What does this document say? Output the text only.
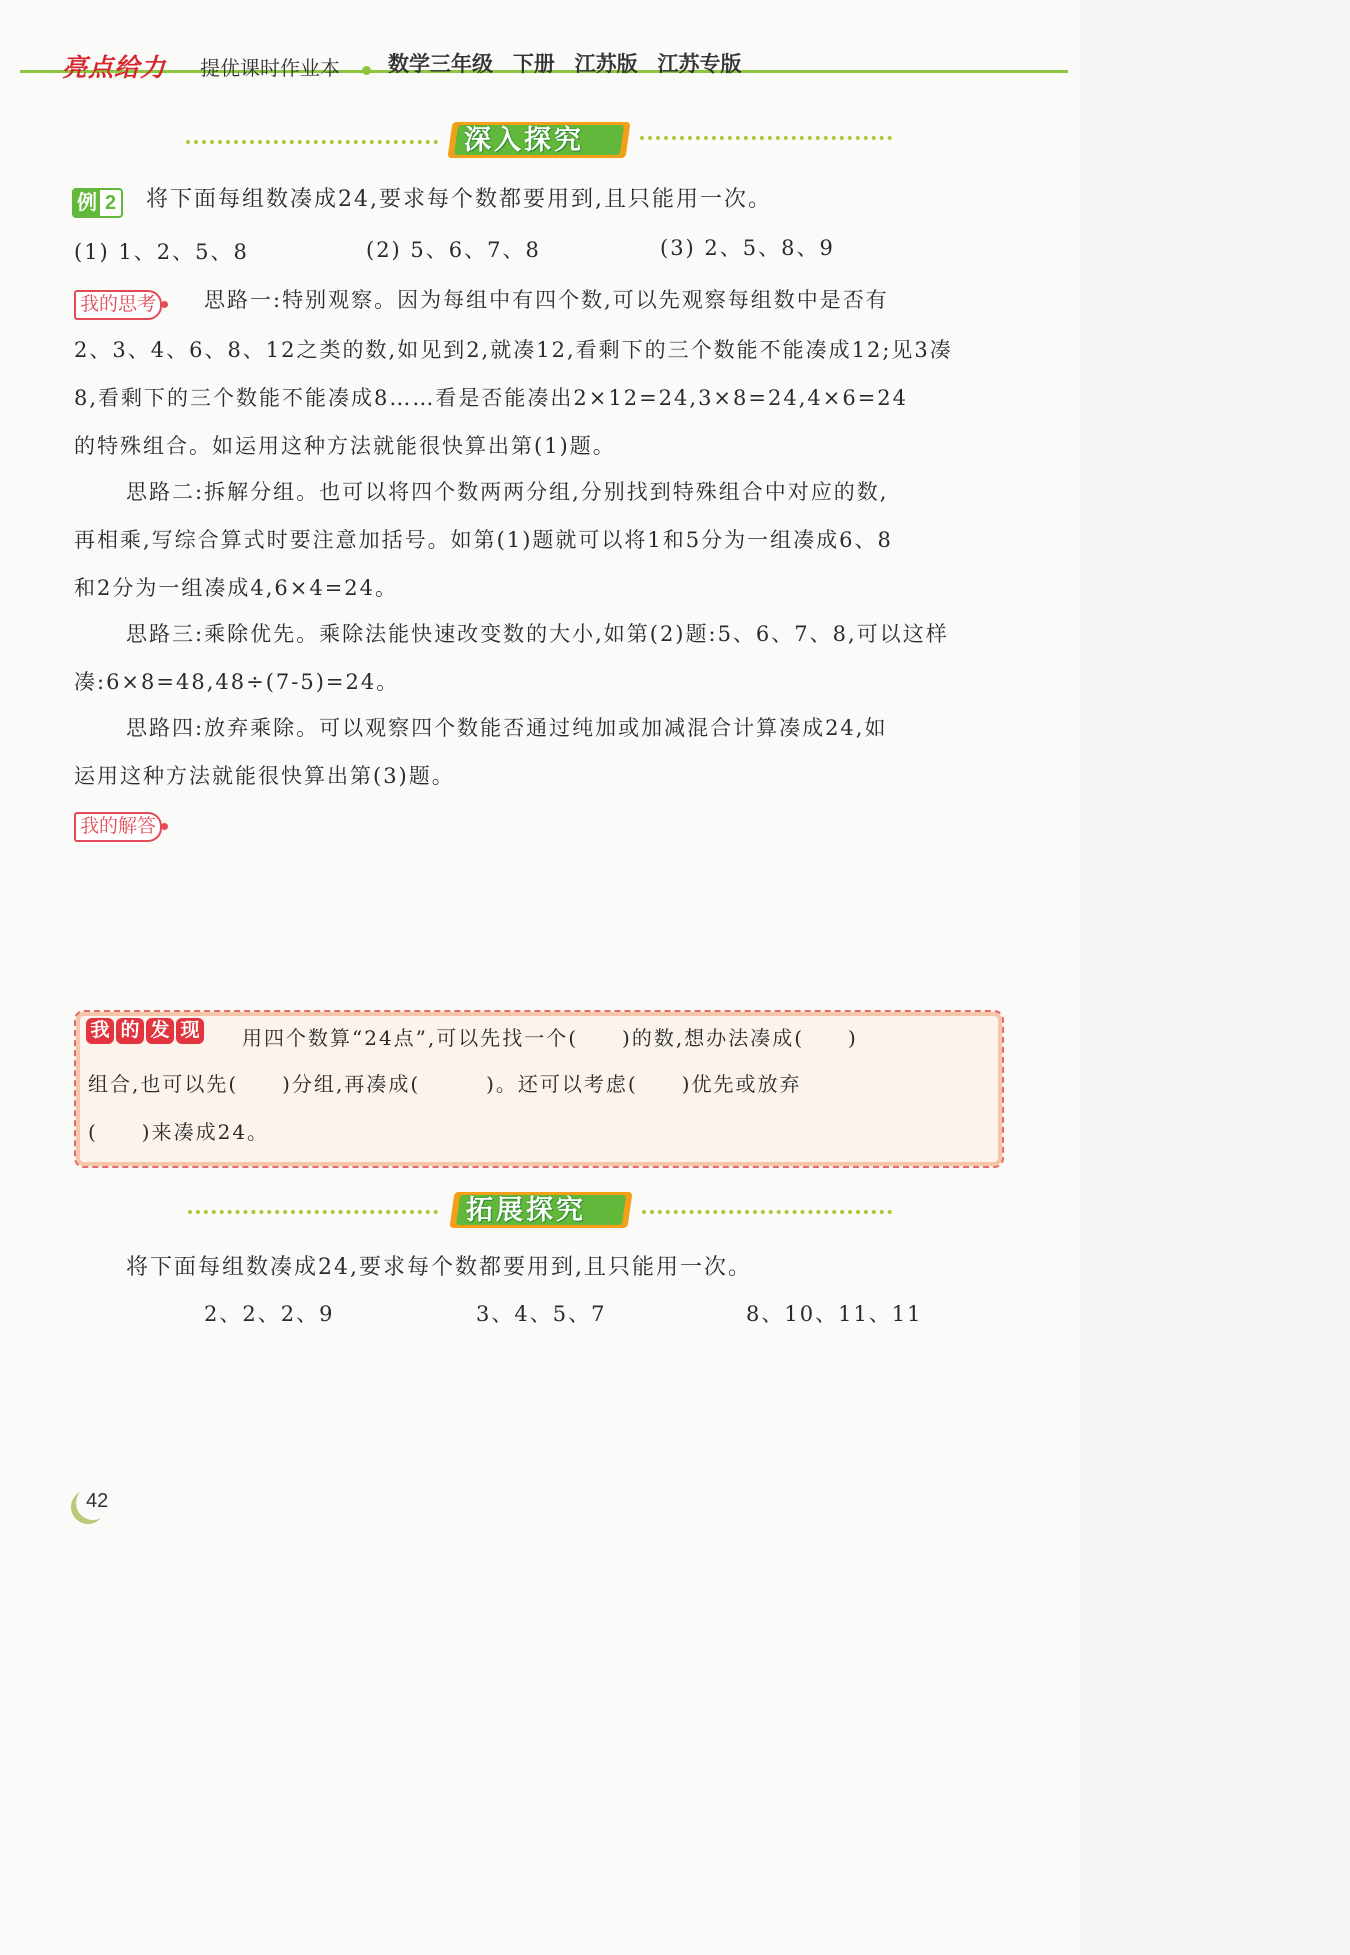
亮点给力 提优课时作业本 数学三年级 下册 江苏版 江苏专版
深入探究
例 2 将下面每组数凑成24,要求每个数都要用到,且只能用一次。
(1) 1、2、5、8	(2) 5、6、7、8	(3) 2、5、8、9
我的思考 思路一:特别观察。因为每组中有四个数,可以先观察每组数中是否有
2、3、4、6、8、12之类的数,如见到2,就凑12,看剩下的三个数能不能凑成12;见3凑
8,看剩下的三个数能不能凑成8……看是否能凑出2×12=24,3×8=24,4×6=24
的特殊组合。如运用这种方法就能很快算出第(1)题。
思路二:拆解分组。也可以将四个数两两分组,分别找到特殊组合中对应的数,
再相乘,写综合算式时要注意加括号。如第(1)题就可以将1和5分为一组凑成6、8
和2分为一组凑成4,6×4=24。
思路三:乘除优先。乘除法能快速改变数的大小,如第(2)题:5、6、7、8,可以这样
凑:6×8=48,48÷(7-5)=24。
思路四:放弃乘除。可以观察四个数能否通过纯加或加减混合计算凑成24,如
运用这种方法就能很快算出第(3)题。
我的解答
我 的 发 现 用四个数算“24点”,可以先找一个(　　)的数,想办法凑成(　　)
组合,也可以先(　　)分组,再凑成(　　　)。还可以考虑(　　)优先或放弃
(　　)来凑成24。
拓展探究
将下面每组数凑成24,要求每个数都要用到,且只能用一次。
2、2、2、9	3、4、5、7	8、10、11、11
42
